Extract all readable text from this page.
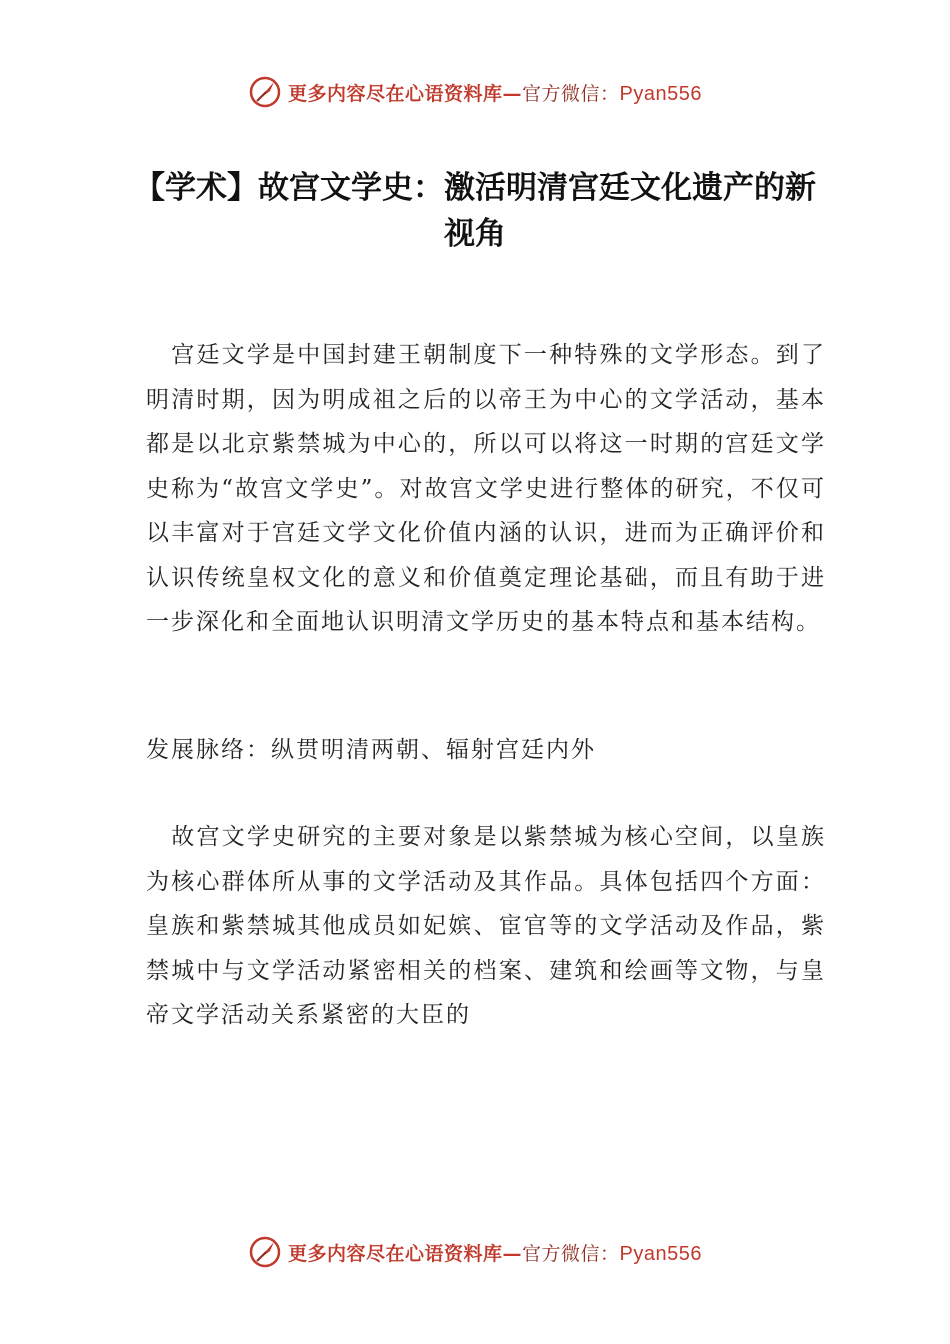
更多内容尽在心语资料库—官方微信：Pyan556
【学术】故宫文学史：激活明清宫廷文化遗产的新视角
宫廷文学是中国封建王朝制度下一种特殊的文学形态。到了明清时期，因为明成祖之后的以帝王为中心的文学活动，基本都是以北京紫禁城为中心的，所以可以将这一时期的宫廷文学史称为“故宫文学史”。对故宫文学史进行整体的研究，不仅可以丰富对于宫廷文学文化价值内涵的认识，进而为正确评价和认识传统皇权文化的意义和价值奠定理论基础，而且有助于进一步深化和全面地认识明清文学历史的基本特点和基本结构。
发展脉络：纵贯明清两朝、辐射宫廷内外
故宫文学史研究的主要对象是以紫禁城为核心空间，以皇族为核心群体所从事的文学活动及其作品。具体包括四个方面：皇族和紫禁城其他成员如妃嫔、宦官等的文学活动及作品，紫禁城中与文学活动紧密相关的档案、建筑和绘画等文物，与皇帝文学活动关系紧密的大臣的
更多内容尽在心语资料库—官方微信：Pyan556
